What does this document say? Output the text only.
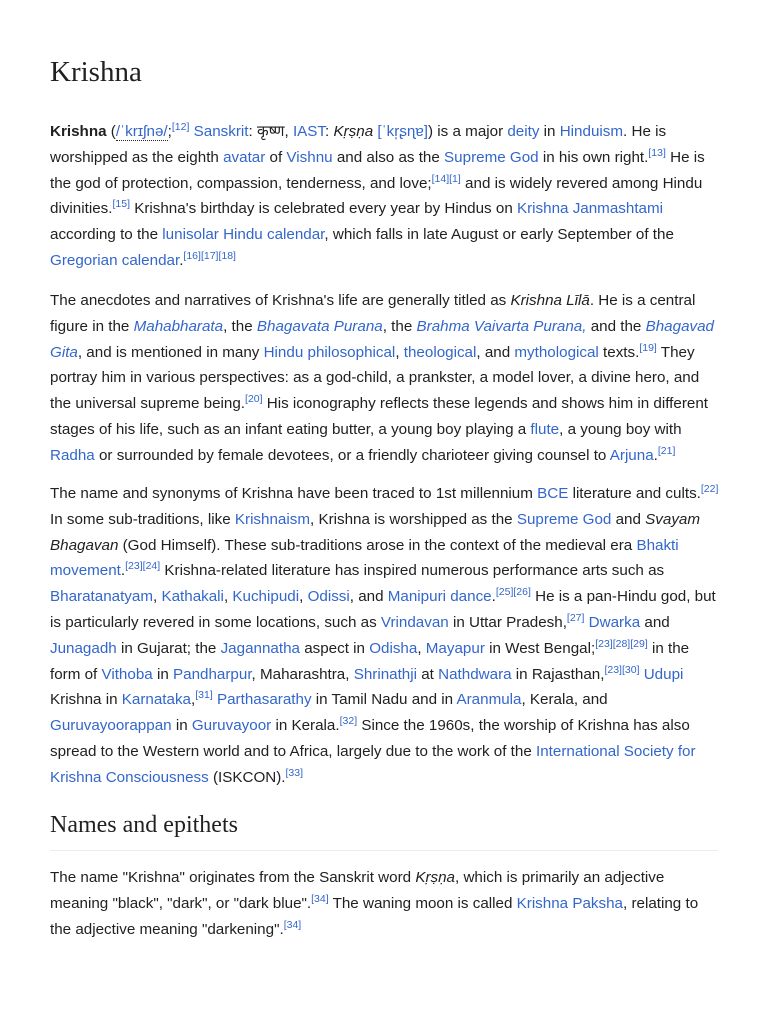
Krishna

Krishna (/ˈkrɪʃnə/;[12] Sanskrit: कृष्ण, IAST: Kṛṣṇa [ˈkr̩ʂɳɐ]) is a major deity in Hinduism. He is worshipped as the eighth avatar of Vishnu and also as the Supreme God in his own right.[13] He is the god of protection, compassion, tenderness, and love;[14][1] and is widely revered among Hindu divinities.[15] Krishna's birthday is celebrated every year by Hindus on Krishna Janmashtami according to the lunisolar Hindu calendar, which falls in late August or early September of the Gregorian calendar.[16][17][18]

The anecdotes and narratives of Krishna's life are generally titled as Krishna Līlā. He is a central figure in the Mahabharata, the Bhagavata Purana, the Brahma Vaivarta Purana, and the Bhagavad Gita, and is mentioned in many Hindu philosophical, theological, and mythological texts.[19] They portray him in various perspectives: as a god-child, a prankster, a model lover, a divine hero, and the universal supreme being.[20] His iconography reflects these legends and shows him in different stages of his life, such as an infant eating butter, a young boy playing a flute, a young boy with Radha or surrounded by female devotees, or a friendly charioteer giving counsel to Arjuna.[21]

The name and synonyms of Krishna have been traced to 1st millennium BCE literature and cults.[22] In some sub-traditions, like Krishnaism, Krishna is worshipped as the Supreme God and Svayam Bhagavan (God Himself). These sub-traditions arose in the context of the medieval era Bhakti movement.[23][24] Krishna-related literature has inspired numerous performance arts such as Bharatanatyam, Kathakali, Kuchipudi, Odissi, and Manipuri dance.[25][26] He is a pan-Hindu god, but is particularly revered in some locations, such as Vrindavan in Uttar Pradesh,[27] Dwarka and Junagadh in Gujarat; the Jagannatha aspect in Odisha, Mayapur in West Bengal;[23][28][29] in the form of Vithoba in Pandharpur, Maharashtra, Shrinathji at Nathdwara in Rajasthan,[23][30] Udupi Krishna in Karnataka,[31] Parthasarathy in Tamil Nadu and in Aranmula, Kerala, and Guruvayoorappan in Guruvayoor in Kerala.[32] Since the 1960s, the worship of Krishna has also spread to the Western world and to Africa, largely due to the work of the International Society for Krishna Consciousness (ISKCON).[33]

Names and epithets

The name "Krishna" originates from the Sanskrit word Kṛṣṇa, which is primarily an adjective meaning "black", "dark", or "dark blue".[34] The waning moon is called Krishna Paksha, relating to the adjective meaning "darkening".[34]
